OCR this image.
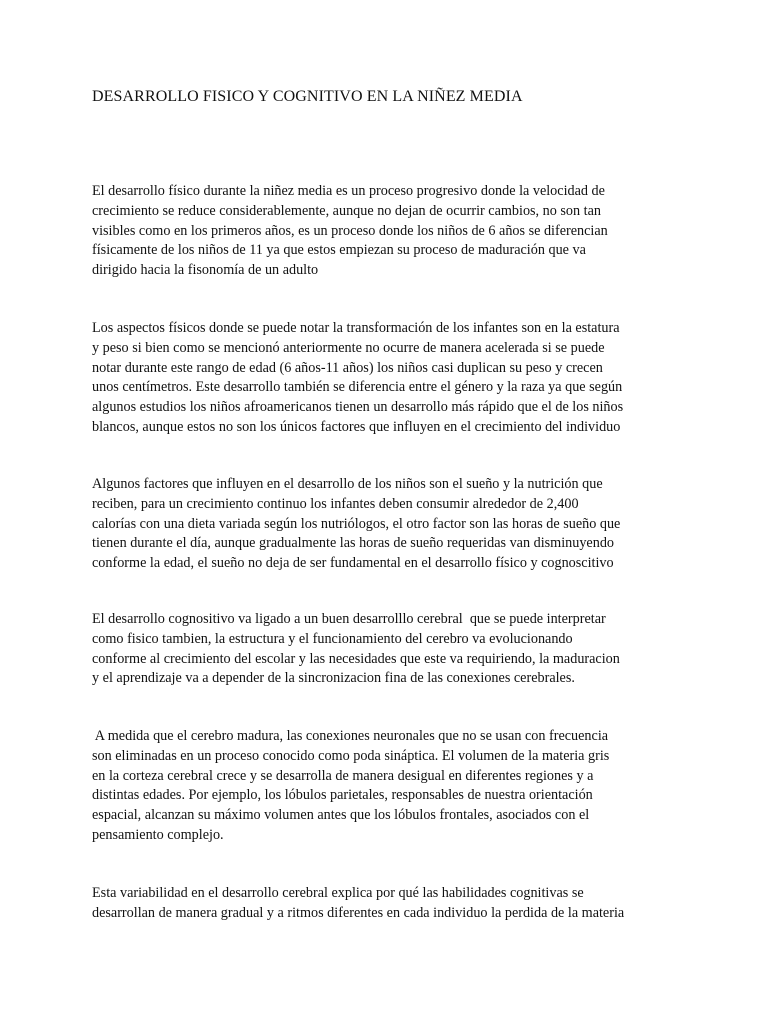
DESARROLLO FISICO Y COGNITIVO EN LA NIÑEZ MEDIA

El desarrollo físico durante la niñez media es un proceso progresivo donde la velocidad de
crecimiento se reduce considerablemente, aunque no dejan de ocurrir cambios, no son tan
visibles como en los primeros años, es un proceso donde los niños de 6 años se diferencian
físicamente de los niños de 11 ya que estos empiezan su proceso de maduración que va
dirigido hacia la fisonomía de un adulto

Los aspectos físicos donde se puede notar la transformación de los infantes son en la estatura
y peso si bien como se mencionó anteriormente no ocurre de manera acelerada si se puede
notar durante este rango de edad (6 años-11 años) los niños casi duplican su peso y crecen
unos centímetros. Este desarrollo también se diferencia entre el género y la raza ya que según
algunos estudios los niños afroamericanos tienen un desarrollo más rápido que el de los niños
blancos, aunque estos no son los únicos factores que influyen en el crecimiento del individuo

Algunos factores que influyen en el desarrollo de los niños son el sueño y la nutrición que
reciben, para un crecimiento continuo los infantes deben consumir alrededor de 2,400
calorías con una dieta variada según los nutriólogos, el otro factor son las horas de sueño que
tienen durante el día, aunque gradualmente las horas de sueño requeridas van disminuyendo
conforme la edad, el sueño no deja de ser fundamental en el desarrollo físico y cognoscitivo

El desarrollo cognositivo va ligado a un buen desarrolllo cerebral  que se puede interpretar
como fisico tambien, la estructura y el funcionamiento del cerebro va evolucionando
conforme al crecimiento del escolar y las necesidades que este va requiriendo, la maduracion
y el aprendizaje va a depender de la sincronizacion fina de las conexiones cerebrales.

A medida que el cerebro madura, las conexiones neuronales que no se usan con frecuencia
son eliminadas en un proceso conocido como poda sináptica. El volumen de la materia gris
en la corteza cerebral crece y se desarrolla de manera desigual en diferentes regiones y a
distintas edades. Por ejemplo, los lóbulos parietales, responsables de nuestra orientación
espacial, alcanzan su máximo volumen antes que los lóbulos frontales, asociados con el
pensamiento complejo.

Esta variabilidad en el desarrollo cerebral explica por qué las habilidades cognitivas se
desarrollan de manera gradual y a ritmos diferentes en cada individuo la perdida de la materia
